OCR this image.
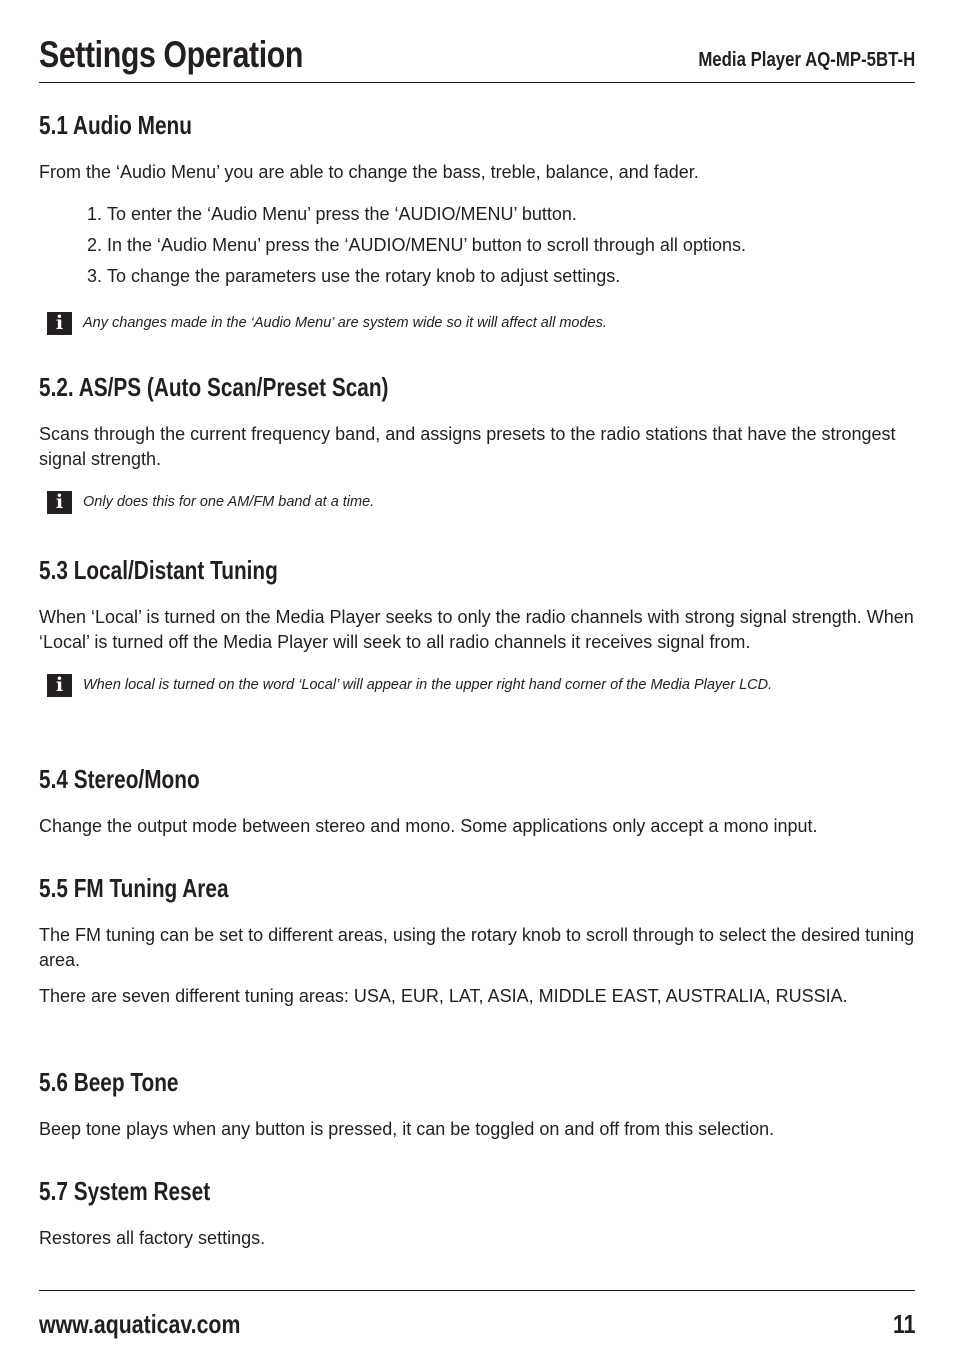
Settings Operation	Media Player AQ-MP-5BT-H
5.1 Audio Menu

From the ‘Audio Menu’ you are able to change the bass, treble, balance, and fader.

1. To enter the ‘Audio Menu’ press the ‘AUDIO/MENU’ button.
2. In the ‘Audio Menu’ press the ‘AUDIO/MENU’ button to scroll through all options.
3. To change the parameters use the rotary knob to adjust settings.
i	Any changes made in the ‘Audio Menu’ are system wide so it will affect all modes.
5.2. AS/PS (Auto Scan/Preset Scan)

Scans through the current frequency band, and assigns presets to the radio stations that have the strongest signal strength.

i	Only does this for one AM/FM band at a time.
5.3 Local/Distant Tuning

When ‘Local’ is turned on the Media Player seeks to only the radio channels with strong signal strength. When ‘Local’ is turned off the Media Player will seek to all radio channels it receives signal from.

i	When local is turned on the word ‘Local’ will appear in the upper right hand corner of the Media Player LCD.
5.4 Stereo/Mono

Change the output mode between stereo and mono. Some applications only accept a mono input.

5.5 FM Tuning Area

The FM tuning can be set to different areas, using the rotary knob to scroll through to select the desired tuning area.

There are seven different tuning areas: USA, EUR, LAT, ASIA, MIDDLE EAST, AUSTRALIA, RUSSIA.

5.6 Beep Tone

Beep tone plays when any button is pressed, it can be toggled on and off from this selection.

5.7 System Reset

Restores all factory settings.

www.aquaticav.com	11
